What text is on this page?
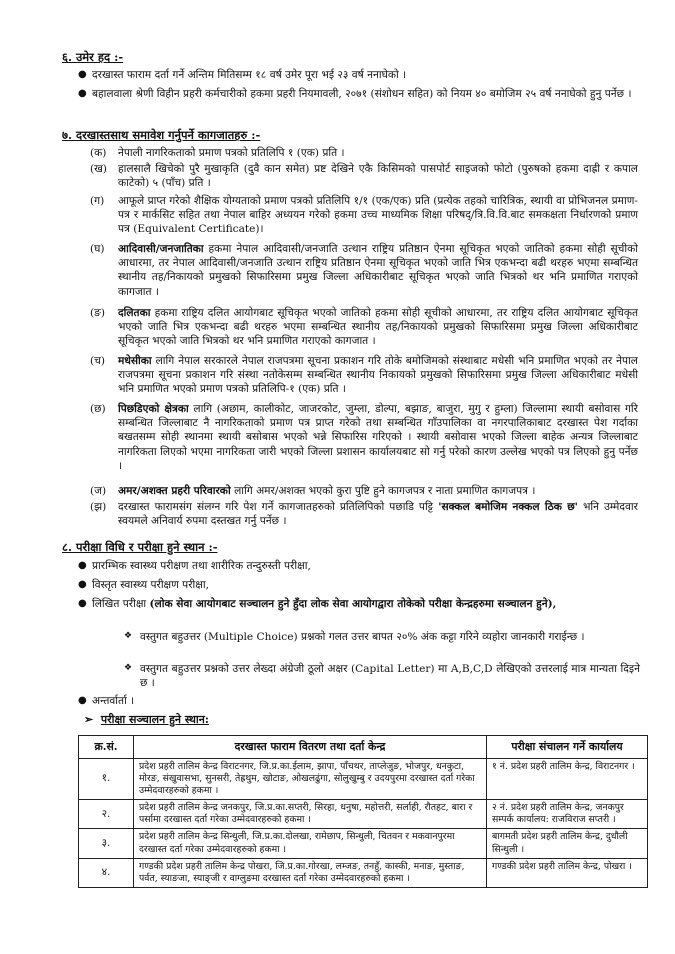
६. उमेर हद :-
● दरखास्त फाराम दर्ता गर्ने अन्तिम मितिसम्म १८ वर्ष उमेर पूरा भई २३ वर्ष ननाघेको ।
● बहालवाला श्रेणी विहीन प्रहरी कर्मचारीको हकमा प्रहरी नियमावली, २०७१ (संशोधन सहित) को नियम ४० बमोजिम २५ वर्ष ननाघेको हुनु पर्नेछ ।
७. दरखास्तसाथ समावेश गर्नुपर्ने कागजातहरु :-
(क) नेपाली नागरिकताको प्रमाण पत्रको प्रतिलिपि १ (एक) प्रति ।
(ख) हालसालै खिचेको पुरै मुखाकृति (दुवै कान समेत) प्रष्ट देखिने एकै किसिमको पासपोर्ट साइजको फोटो (पुरुषको हकमा दाह्री र कपाल काटेको) ५ (पाँच) प्रति ।
(ग) आफूले प्राप्त गरेको शैक्षिक योग्यताको प्रमाण पत्रको प्रतिलिपि १/१ (एक/एक) प्रति (प्रत्येक तहको चारित्रिक, स्थायी वा प्रोभिजनल प्रमाण-पत्र र मार्कसिट सहित तथा नेपाल बाहिर अध्ययन गरेको हकमा उच्च माध्यमिक शिक्षा परिषद्/त्रि.वि.वि.बाट समकक्षता निर्धारणको प्रमाण पत्र (Equivalent Certificate)।
(घ) आदिवासी/जनजातिका हकमा नेपाल आदिवासी/जनजाति उत्थान राष्ट्रिय प्रतिष्ठान ऐनमा सूचिकृत भएको जातिको हकमा सोही सूचीको आधारमा, तर नेपाल आदिवासी/जनजाति उत्थान राष्ट्रिय प्रतिष्ठान ऐनमा सूचिकृत भएको जाति भित्र एकभन्दा बढी थरहरु भएमा सम्बन्धित स्थानीय तह/निकायको प्रमुखको सिफारिसमा प्रमुख जिल्ला अधिकारीबाट सूचिकृत भएको जाति भित्रको थर भनि प्रमाणित गराएको कागजात ।
(ङ) दलितका हकमा राष्ट्रिय दलित आयोगबाट सूचिकृत भएको जातिको हकमा सोही सूचीको आधारमा, तर राष्ट्रिय दलित आयोगबाट सूचिकृत भएको जाति भित्र एकभन्दा बढी थरहरु भएमा सम्बन्धित स्थानीय तह/निकायको प्रमुखको सिफारिसमा प्रमुख जिल्ला अधिकारीबाट सूचिकृत भएको जाति भित्रको थर भनि प्रमाणित गराएको कागजात ।
(च) मधेसीका लागि नेपाल सरकारले नेपाल राजपत्रमा सूचना प्रकाशन गरि तोके बमोजिमको संस्थाबाट मधेसी भनि प्रमाणित भएको तर नेपाल राजपत्रमा सूचना प्रकाशन गरि संस्था नतोकेसम्म सम्बन्धित स्थानीय निकायको प्रमुखको सिफारिसमा प्रमुख जिल्ला अधिकारीबाट मधेसी भनि प्रमाणित भएको प्रमाण पत्रको प्रतिलिपि-१ (एक) प्रति ।
(छ) पिछडिएको क्षेत्रका लागि (अछाम, कालीकोट, जाजरकोट, जुम्ला, डोल्पा, बझाङ, बाजुरा, मुगु र हुम्ला) जिल्लामा स्थायी बसोवास गरि सम्बन्धित जिल्लाबाट नै नागरिकताको प्रमाण पत्र प्राप्त गरेको तथा सम्बन्धित गाँउपालिका वा नगरपालिकाबाट दरखास्त पेश गर्दाका बखतसम्म सोही स्थानमा स्थायी बसोबास भएको भन्ने सिफारिस गरिएको । स्थायी बसोवास भएको जिल्ला बाहेक अन्यत्र जिल्लाबाट नागरिकता लिएको भएमा नागरिकता जारी भएको जिल्ला प्रशासन कार्यालयबाट सो गर्नु परेको कारण उल्लेख भएको पत्र लिएको हुनु पर्नेछ ।
(ज) अमर/अशक्त प्रहरी परिवारको लागि अमर/अशक्त भएको कुरा पुष्टि हुने कागजपत्र र नाता प्रमाणित कागजपत्र ।
(झ) दरखास्त फारामसंग संलग्न गरि पेश गर्ने कागजातहरुको प्रतिलिपिको पछाडि पट्टि 'सक्कल बमोजिम नक्कल ठिक छ' भनि उम्मेदवार स्वयमले अनिवार्य रुपमा दस्तखत गर्नु पर्नेछ ।
८. परीक्षा विधि र परीक्षा हुने स्थान :-
● प्रारम्भिक स्वास्थ्य परीक्षण तथा शारीरिक तन्दुरुस्ती परीक्षा,
● विस्तृत स्वास्थ्य परीक्षण परीक्षा,
● लिखित परीक्षा (लोक सेवा आयोगबाट सञ्चालन हुने हुँदा लोक सेवा आयोगद्वारा तोकेको परीक्षा केन्द्रहरुमा सञ्चालन हुने),
❖ वस्तुगत बहुउत्तर (Multiple Choice) प्रश्नको गलत उत्तर बापत २०% अंक कट्टा गरिने व्यहोरा जानकारी गराईन्छ ।
❖ वस्तुगत बहुउत्तर प्रश्नको उत्तर लेख्दा अंग्रेजी ठूलो अक्षर (Capital Letter) मा A,B,C,D लेखिएको उत्तरलाई मात्र मान्यता दिइने छ ।
● अन्तर्वार्ता ।
➢ परीक्षा सञ्चालन हुने स्थान:
क्र.सं.	दरखास्त फाराम वितरण तथा दर्ता केन्द्र	परीक्षा संचालन गर्ने कार्यालय
१.	प्रदेश प्रहरी तालिम केन्द्र विराटनगर, जि.प्र.का.ईलाम, झापा, पाँचथर, ताप्लेजुङ, भोजपुर, धनकुटा, मोरङ, संखुवासभा, सुनसरी, तेह्रथुम, खोटाङ, ओखलढुंगा, सोलुखुम्बु र उदयपुरमा दरखास्त दर्ता गरेका उम्मेदवारहरुको हकमा ।	१ नं. प्रदेश प्रहरी तालिम केन्द्र, विराटनगर ।
२.	प्रदेश प्रहरी तालिम केन्द्र जनकपुर, जि.प्र.का.सप्तरी, सिरहा, धनुषा, महोत्तरी, सर्लाही, रौतहट, बारा र पर्सामा दरखास्त दर्ता गरेका उम्मेदवारहरुको हकमा ।	२ नं. प्रदेश प्रहरी तालिम केन्द्र, जनकपुर सम्पर्क कार्यालय: राजविराज सप्तरी ।
३.	प्रदेश प्रहरी तालिम केन्द्र सिन्धुली, जि.प्र.का.दोलखा, रामेछाप, सिन्धुली, चितवन र मकवानपुरमा दरखास्त दर्ता गरेका उम्मेदवारहरुको हकमा ।	बागमती प्रदेश प्रहरी तालिम केन्द्र, दुधौली सिन्धुली ।
४.	गण्डकी प्रदेश प्रहरी तालिम केन्द्र पोखरा, जि.प्र.का.गोरखा, लम्जङ, तनहुँ, कास्की, मनाङ, मुस्ताङ, पर्वत, स्याङजा, स्याङ्जी र वाग्लुङमा दरखास्त दर्ता गरेका उम्मेदवारहरुको हकमा ।	गण्डकी प्रदेश प्रहरी तालिम केन्द्र, पोखरा ।
